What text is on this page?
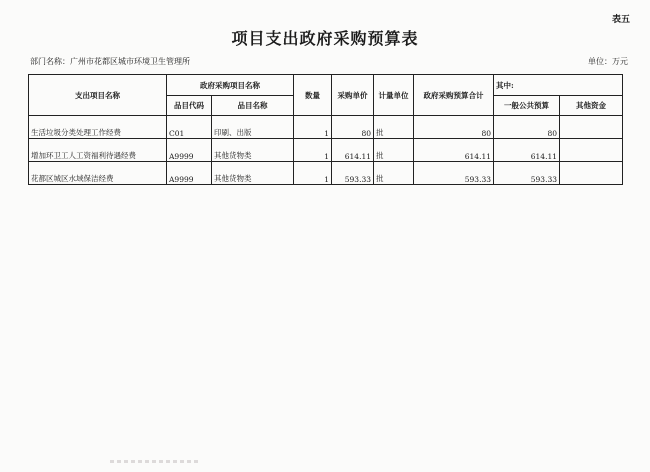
表五
项目支出政府采购预算表
部门名称：广州市花都区城市环境卫生管理所	单位：万元
支出项目名称	政府采购项目名称		数量	采购单价	计量单位	政府采购预算合计	其中:	
	品目代码	品目名称					一般公共预算	其他资金
生活垃圾分类处理工作经费	C01	印刷、出版	1	80	批	80	80	
增加环卫工人工资福利待遇经费	A9999	其他货物类	1	614.11	批	614.11	614.11	
花都区城区水域保洁经费	A9999	其他货物类	1	593.33	批	593.33	593.33	
